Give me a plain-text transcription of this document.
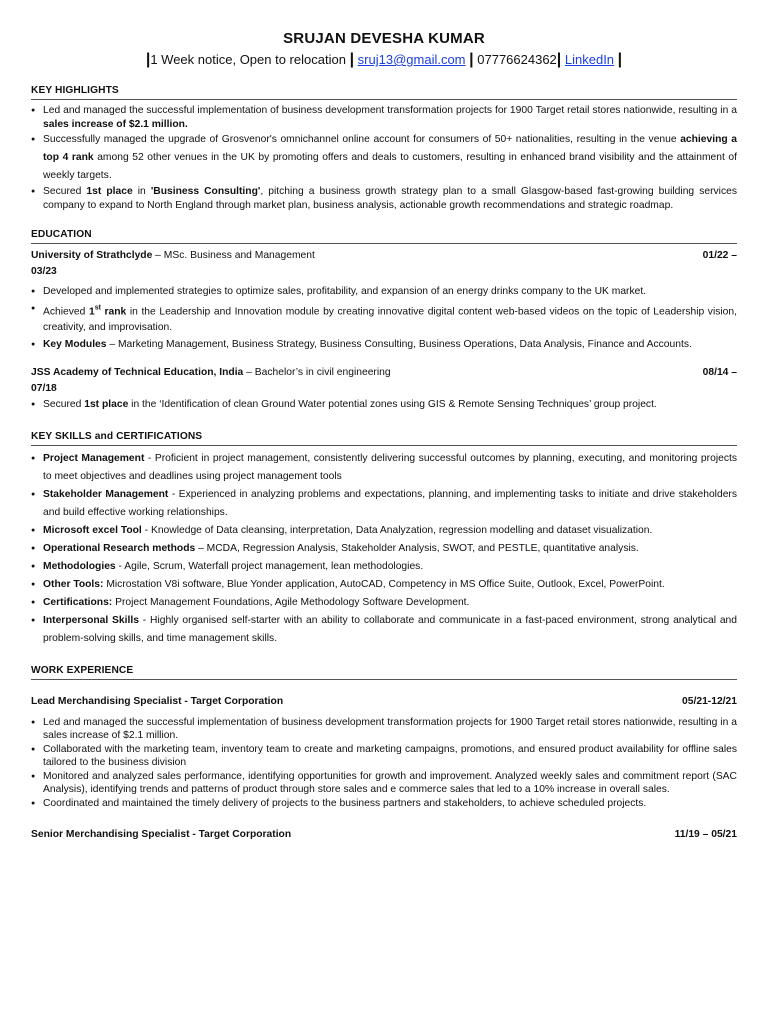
SRUJAN DEVESHA KUMAR
|1 Week notice, Open to relocation | sruj13@gmail.com | 07776624362| LinkedIn |
KEY HIGHLIGHTS
● Led and managed the successful implementation of business development transformation projects for 1900 Target retail stores nationwide, resulting in a sales increase of $2.1 million.
● Successfully managed the upgrade of Grosvenor's omnichannel online account for consumers of 50+ nationalities, resulting in the venue achieving a top 4 rank among 52 other venues in the UK by promoting offers and deals to customers, resulting in enhanced brand visibility and the attainment of weekly targets.
● Secured 1st place in 'Business Consulting', pitching a business growth strategy plan to a small Glasgow-based fast-growing building services company to expand to North England through market plan, business analysis, actionable growth recommendations and strategic roadmap.
EDUCATION
University of Strathclyde – MSc. Business and Management	01/22 –
03/23
● Developed and implemented strategies to optimize sales, profitability, and expansion of an energy drinks company to the UK market.
● Achieved 1st rank in the Leadership and Innovation module by creating innovative digital content web-based videos on the topic of Leadership vision, creativity, and improvisation.
● Key Modules – Marketing Management, Business Strategy, Business Consulting, Business Operations, Data Analysis, Finance and Accounts.
JSS Academy of Technical Education, India – Bachelor’s in civil engineering	08/14 –
07/18
● Secured 1st place in the ‘Identification of clean Ground Water potential zones using GIS & Remote Sensing Techniques’ group project.
KEY SKILLS and CERTIFICATIONS
● Project Management - Proficient in project management, consistently delivering successful outcomes by planning, executing, and monitoring projects to meet objectives and deadlines using project management tools
● Stakeholder Management - Experienced in analyzing problems and expectations, planning, and implementing tasks to initiate and drive stakeholders and build effective working relationships.
● Microsoft excel Tool - Knowledge of Data cleansing, interpretation, Data Analyzation, regression modelling and dataset visualization.
● Operational Research methods – MCDA, Regression Analysis, Stakeholder Analysis, SWOT, and PESTLE, quantitative analysis.
● Methodologies - Agile, Scrum, Waterfall project management, lean methodologies.
● Other Tools: Microstation V8i software, Blue Yonder application, AutoCAD, Competency in MS Office Suite, Outlook, Excel, PowerPoint.
● Certifications: Project Management Foundations, Agile Methodology Software Development.
● Interpersonal Skills - Highly organised self-starter with an ability to collaborate and communicate in a fast-paced environment, strong analytical and problem-solving skills, and time management skills.
WORK EXPERIENCE
Lead Merchandising Specialist - Target Corporation	05/21-12/21
● Led and managed the successful implementation of business development transformation projects for 1900 Target retail stores nationwide, resulting in a sales increase of $2.1 million.
● Collaborated with the marketing team, inventory team to create and marketing campaigns, promotions, and ensured product availability for offline sales tailored to the business division
● Monitored and analyzed sales performance, identifying opportunities for growth and improvement. Analyzed weekly sales and commitment report (SAC Analysis), identifying trends and patterns of product through store sales and e commerce sales that led to a 10% increase in overall sales.
● Coordinated and maintained the timely delivery of projects to the business partners and stakeholders, to achieve scheduled projects.
Senior Merchandising Specialist - Target Corporation	11/19 – 05/21
